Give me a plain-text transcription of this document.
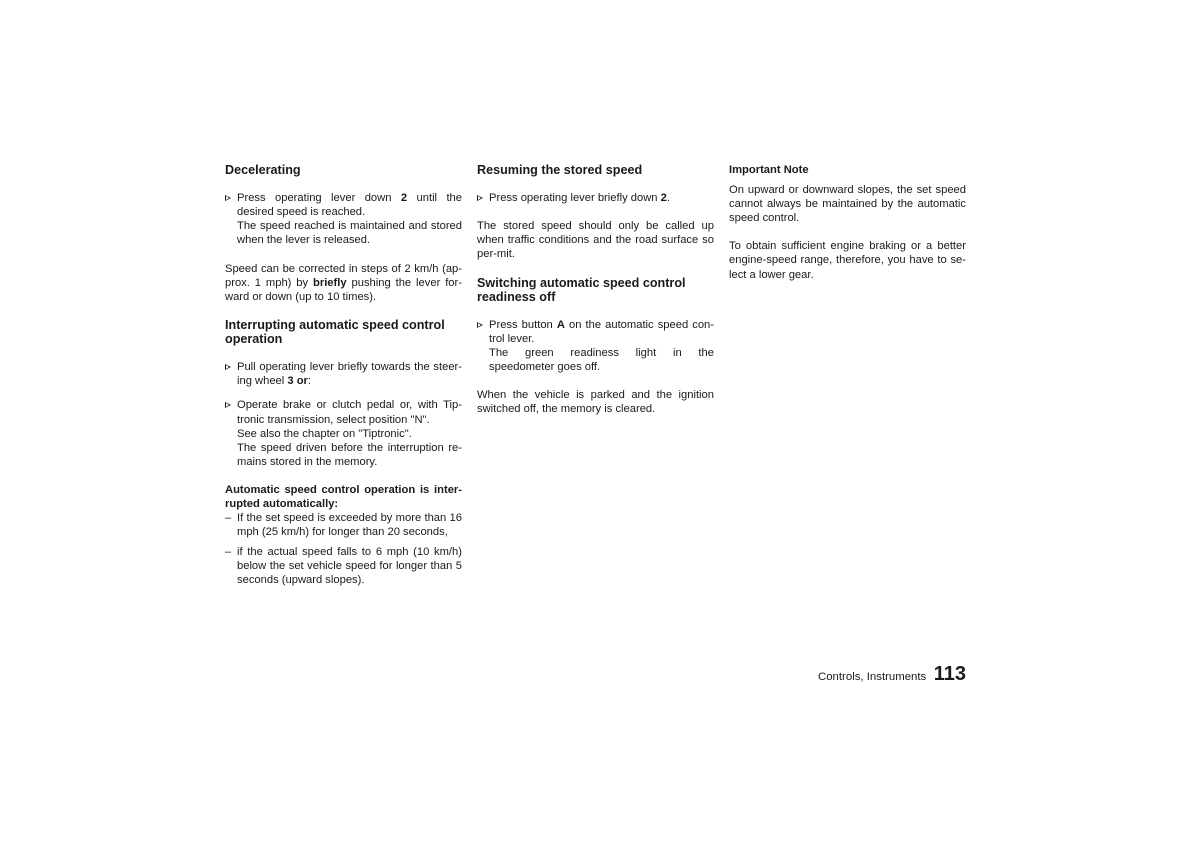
Decelerating

Press operating lever down 2 until the desired speed is reached.

The speed reached is maintained and stored when the lever is released.

Speed can be corrected in steps of 2 km/h (ap-prox. 1 mph) by briefly pushing the lever for-ward or down (up to 10 times).

Interrupting automatic speed control operation

Pull operating lever briefly towards the steer-ing wheel 3 or:

Operate brake or clutch pedal or, with Tip-tronic transmission, select position "N".

See also the chapter on "Tiptronic".

The speed driven before the interruption re-mains stored in the memory.

Automatic speed control operation is inter-rupted automatically:

– If the set speed is exceeded by more than 16 mph (25 km/h) for longer than 20 seconds,

– if the actual speed falls to 6 mph (10 km/h) below the set vehicle speed for longer than 5 seconds (upward slopes).

Resuming the stored speed

Press operating lever briefly down 2.

The stored speed should only be called up when traffic conditions and the road surface so per-mit.

Switching automatic speed control readiness off

Press button A on the automatic speed con-trol lever.

The green readiness light in the speedometer goes off.

When the vehicle is parked and the ignition switched off, the memory is cleared.

Important Note

On upward or downward slopes, the set speed cannot always be maintained by the automatic speed control.

To obtain sufficient engine braking or a better engine-speed range, therefore, you have to se-lect a lower gear.

Controls, Instruments 113
